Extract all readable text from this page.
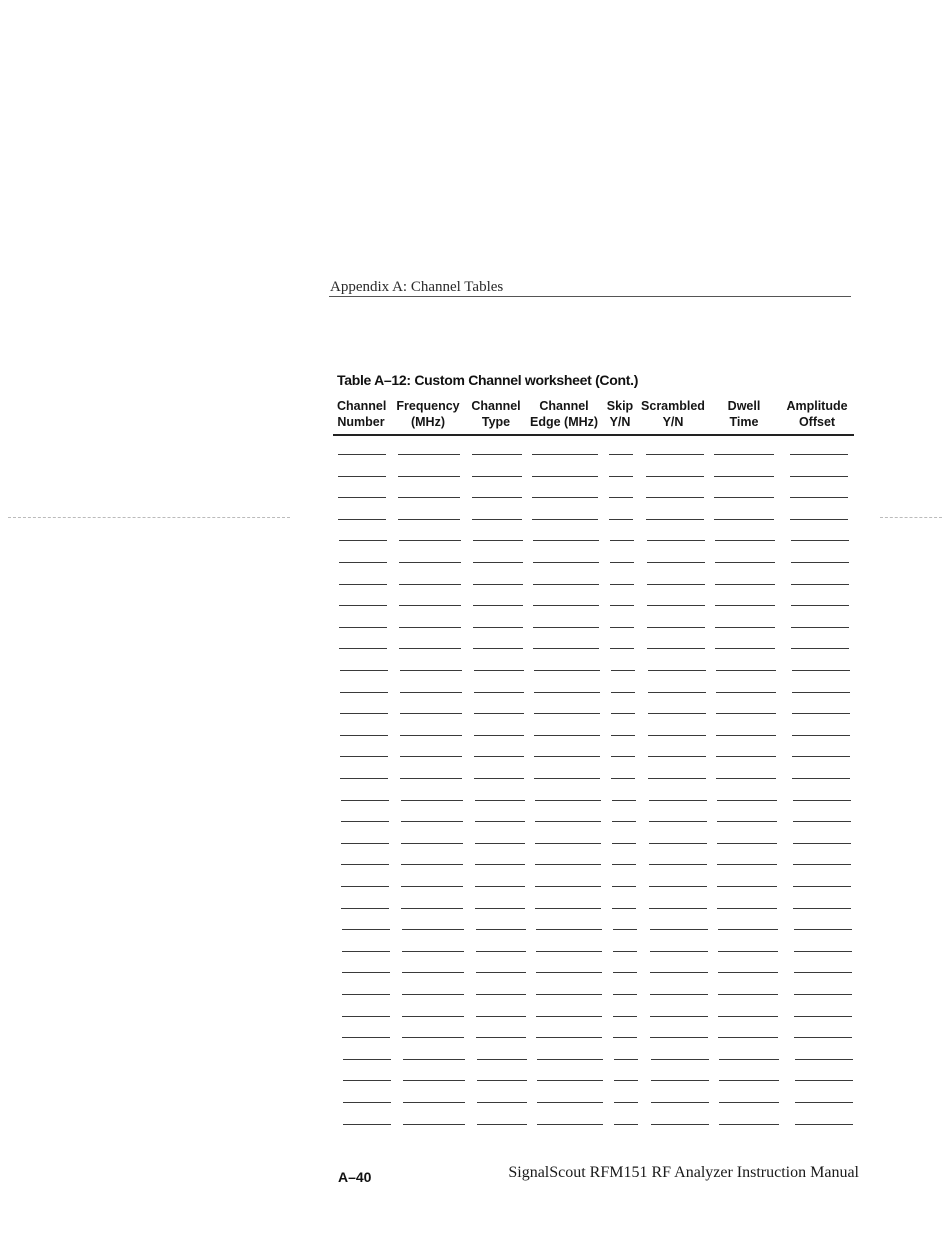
Appendix A: Channel Tables
Table A–12: Custom Channel worksheet (Cont.)
Channel
Number
Frequency
(MHz)
Channel
Type
Channel
Edge (MHz)
Skip
Y/N
Scrambled
Y/N
Dwell
Time
Amplitude
Offset
A–40	SignalScout RFM151 RF Analyzer Instruction Manual
